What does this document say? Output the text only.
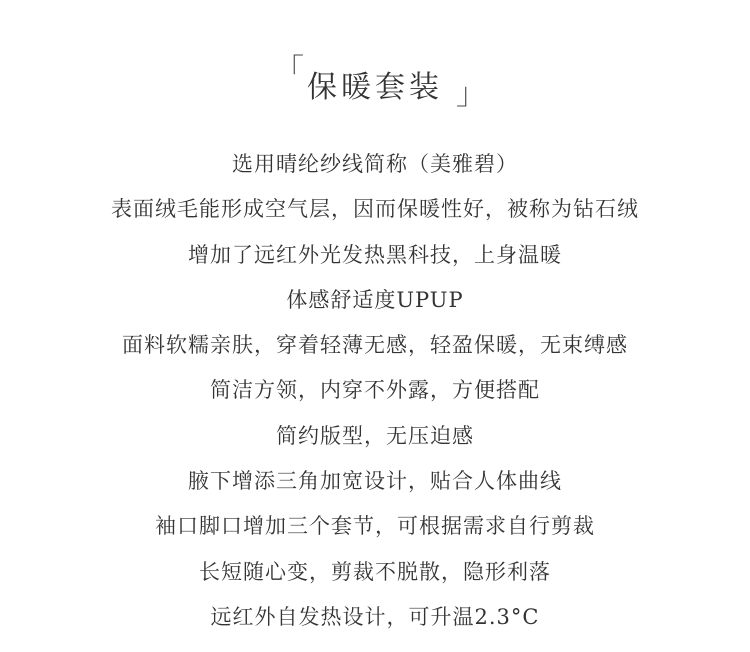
「 保暖套装 」
选用晴纶纱线简称（美雅碧）
表面绒毛能形成空气层，因而保暖性好，被称为钻石绒
增加了远红外光发热黑科技，上身温暖
体感舒适度UPUP
面料软糯亲肤，穿着轻薄无感，轻盈保暖，无束缚感
简洁方领，内穿不外露，方便搭配
简约版型，无压迫感
腋下增添三角加宽设计，贴合人体曲线
袖口脚口增加三个套节，可根据需求自行剪裁
长短随心变，剪裁不脱散，隐形利落
远红外自发热设计，可升温2.3°C
